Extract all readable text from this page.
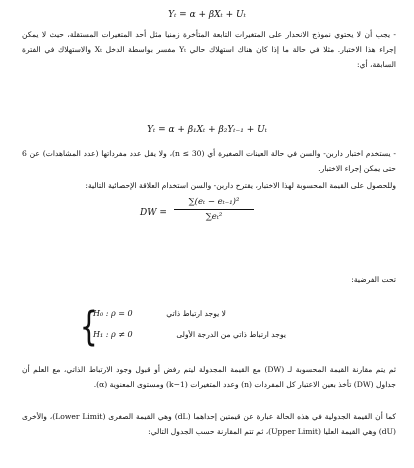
Yₜ = α + βXₜ + Uₜ
- يجب أن لا يحتوي نموذج الانحدار على المتغيرات التابعة المتأخرة زمنيا مثل أحد المتغيرات المستقلة، حيث لا يمكن إجراء هذا الاختبار. مثلا في حالة ما إذا كان هناك استهلاك حالي Yₜ مفسر بواسطة الدخل Xₜ والاستهلاك في الفترة السابقة، أي:
Yₜ = α + β₁Xₜ + β₂Yₜ₋₁ + Uₜ
- يستخدم اختبار داربن- والسن في حالة العينات الصغيرة أي (n ≤ 30)، ولا يقل عدد مفرداتها (عدد المشاهدات) عن 6 حتى يمكن إجراء الاختبار.
وللحصول على القيمة المحسوبة لهذا الاختبار، يقترح داربن- والسن استخدام العلاقة الإحصائية التالية:
DW = $\frac{\text{∑(eₜ − eₜ₋₁)²}}{\text{∑eₜ²}}$
تحت الفرضية:
{
H₀ : ρ = 0	لا يوجد ارتباط ذاتي
H₁ : ρ ≠ 0	يوجد ارتباط ذاتي من الدرجة الأولى
ثم يتم مقارنة القيمة المحسوبة لـ (DW) مع القيمة المجدولة ليتم رفض أو قبول وجود الارتباط الذاتي، مع العلم أن جداول (DW) تأخذ بعين الاعتبار كل المفردات (n) وعدد المتغيرات (k−1) ومستوى المعنوية (α).
كما أن القيمة الجدولية في هذه الحالة عبارة عن قيمتين إحداهما (dL) وهي القيمة الصغرى (Lower Limit)، والأخرى (dU) وهي القيمة العليا (Upper Limit)، ثم تتم المقارنة حسب الجدول التالي:
